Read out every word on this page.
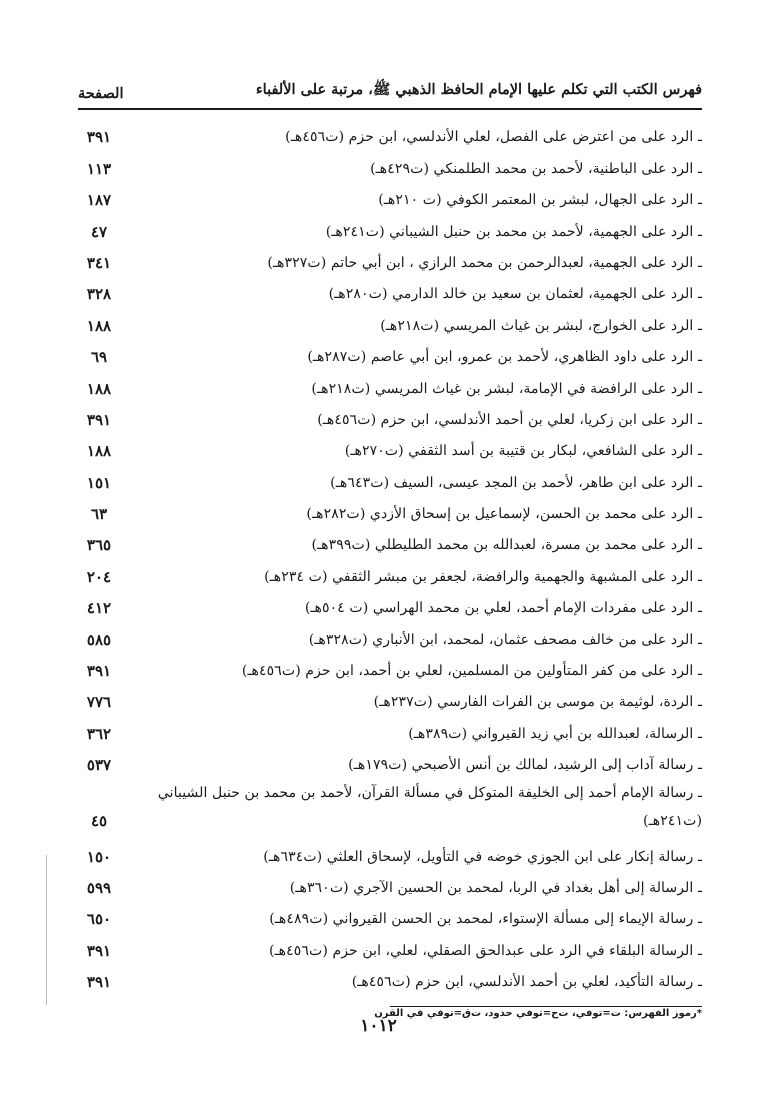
فهرس الكتب التي تكلم عليها الإمام الحافظ الذهبي ﷺ، مرتبة على الألفباء
الصفحة
ـ الرد على من اعترض على الفصل، لعلي الأندلسي، ابن حزم (ت٤٥٦هـ)
٣٩١
ـ الرد على الباطنية، لأحمد بن محمد الطلمنكي (ت٤٢٩هـ)
١١٣
ـ الرد على الجهال، لبشر بن المعتمر الكوفي (ت ٢١٠هـ)
١٨٧
ـ الرد على الجهمية، لأحمد بن محمد بن حنبل الشيباني (ت٢٤١هـ)
٤٧
ـ الرد على الجهمية، لعبدالرحمن بن محمد الرازي ، ابن أبي حاتم (ت٣٢٧هـ)
٣٤١
ـ الرد على الجهمية، لعثمان بن سعيد بن خالد الدارمي (ت٢٨٠هـ)
٣٢٨
ـ الرد على الخوارج، لبشر بن غياث المريسي (ت٢١٨هـ)
١٨٨
ـ الرد على داود الظاهري، لأحمد بن عمرو، ابن أبي عاصم (ت٢٨٧هـ)
٦٩
ـ الرد على الرافضة في الإمامة، لبشر بن غياث المريسي (ت٢١٨هـ)
١٨٨
ـ الرد على ابن زكريا، لعلي بن أحمد الأندلسي، ابن حزم (ت٤٥٦هـ)
٣٩١
ـ الرد على الشافعي، لبكار بن قتيبة بن أسد الثقفي (ت٢٧٠هـ)
١٨٨
ـ الرد على ابن طاهر، لأحمد بن المجد عيسى، السيف (ت٦٤٣هـ)
١٥١
ـ الرد على محمد بن الحسن، لإسماعيل بن إسحاق الأزدي (ت٢٨٢هـ)
٦٣
ـ الرد على محمد بن مسرة، لعبدالله بن محمد الطليطلي (ت٣٩٩هـ)
٣٦٥
ـ الرد على المشبهة والجهمية والرافضة، لجعفر بن مبشر الثقفي (ت ٢٣٤هـ)
٢٠٤
ـ الرد على مفردات الإمام أحمد، لعلي بن محمد الهراسي (ت ٥٠٤هـ)
٤١٢
ـ الرد على من خالف مصحف عثمان، لمحمد، ابن الأنباري (ت٣٢٨هـ)
٥٨٥
ـ الرد على من كفر المتأولين من المسلمين، لعلي بن أحمد، ابن حزم (ت٤٥٦هـ)
٣٩١
ـ الردة، لوثيمة بن موسى بن الفرات الفارسي (ت٢٣٧هـ)
٧٧٦
ـ الرسالة، لعبدالله بن أبي زيد القيرواني (ت٣٨٩هـ)
٣٦٢
ـ رسالة آداب إلى الرشيد، لمالك بن أنس الأصبحي (ت١٧٩هـ)
٥٣٧
ـ رسالة الإمام أحمد إلى الخليفة المتوكل في مسألة القرآن، لأحمد بن محمد بن حنبل الشيباني (ت٢٤١هـ)
٤٥
ـ رسالة إنكار على ابن الجوزي خوضه في التأويل، لإسحاق العلثي (ت٦٣٤هـ)
١٥٠
ـ الرسالة إلى أهل بغداد في الربا، لمحمد بن الحسين الآجري (ت٣٦٠هـ)
٥٩٩
ـ رسالة الإيماء إلى مسألة الإستواء، لمحمد بن الحسن القيرواني (ت٤٨٩هـ)
٦٥٠
ـ الرسالة البلقاء في الرد على عبدالحق الصقلي، لعلي، ابن حزم (ت٤٥٦هـ)
٣٩١
ـ رسالة التأكيد، لعلي بن أحمد الأندلسي، ابن حزم (ت٤٥٦هـ)
٣٩١
*رموز الفهرس: ت=توفي، ت‌ح=توفي حدود، ت‌ق=توفي في القرن
١٠١٢
